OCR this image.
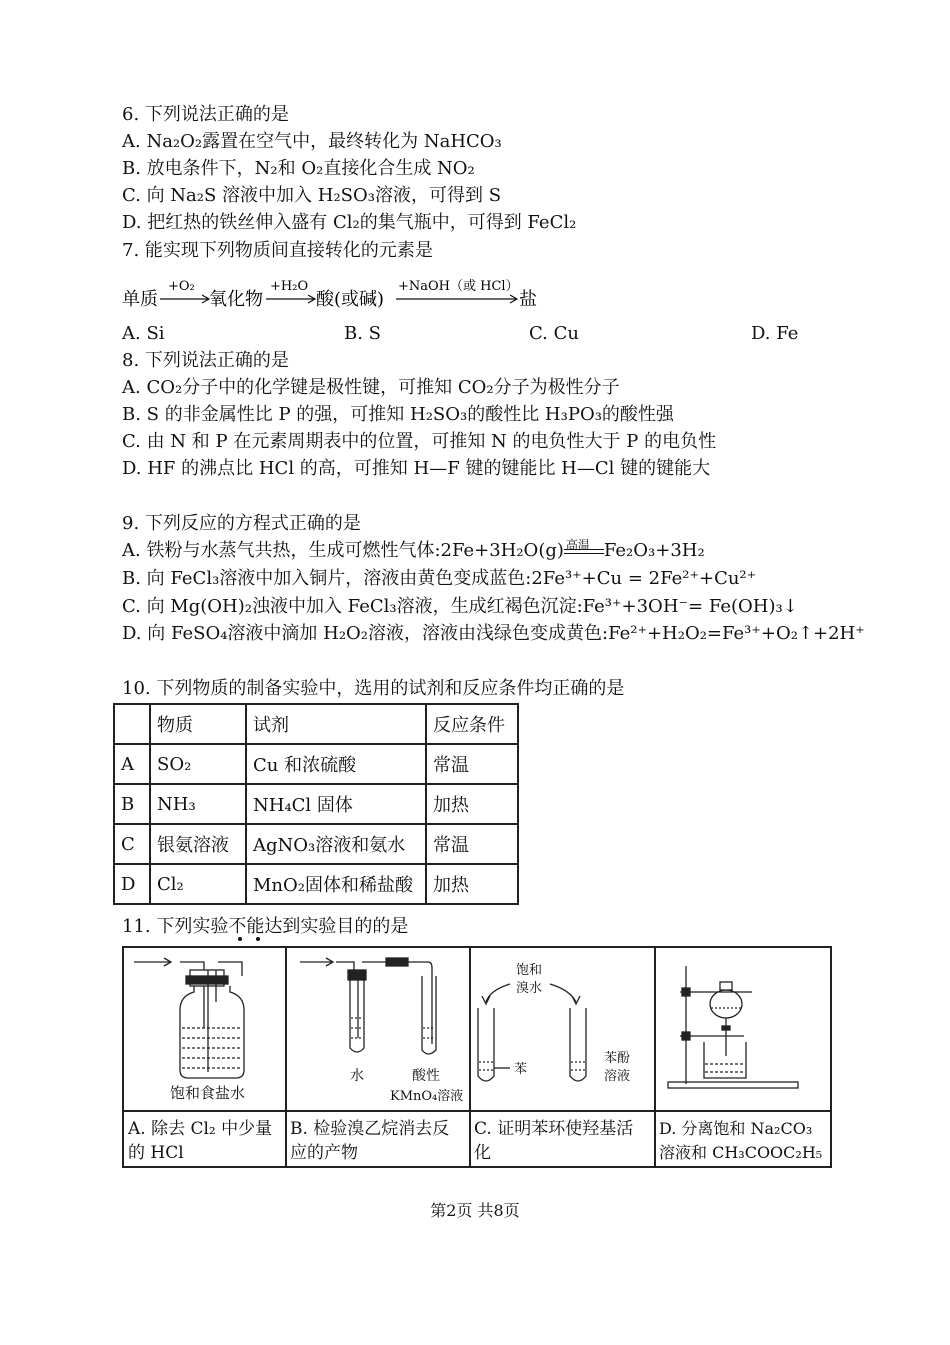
6. 下列说法正确的是
A. Na₂O₂露置在空气中，最终转化为 NaHCO₃
B. 放电条件下，N₂和 O₂直接化合生成 NO₂
C. 向 Na₂S 溶液中加入 H₂SO₃溶液，可得到 S
D. 把红热的铁丝伸入盛有 Cl₂的集气瓶中，可得到 FeCl₂
7. 能实现下列物质间直接转化的元素是
单质
+O₂
氧化物
+H₂O
酸(或碱)
+NaOH（或 HCl）
盐
A. Si	B. S	C. Cu	D. Fe
8. 下列说法正确的是
A. CO₂分子中的化学键是极性键，可推知 CO₂分子为极性分子
B. S 的非金属性比 P 的强，可推知 H₂SO₃的酸性比 H₃PO₃的酸性强
C. 由 N 和 P 在元素周期表中的位置，可推知 N 的电负性大于 P 的电负性
D. HF 的沸点比 HCl 的高，可推知 H—F 键的键能比 H—Cl 键的键能大
9. 下列反应的方程式正确的是
A. 铁粉与水蒸气共热，生成可燃性气体:2Fe+3H₂O(g) 高温 Fe₂O₃+3H₂
B. 向 FeCl₃溶液中加入铜片，溶液由黄色变成蓝色:2Fe³⁺+Cu = 2Fe²⁺+Cu²⁺
C. 向 Mg(OH)₂浊液中加入 FeCl₃溶液，生成红褐色沉淀:Fe³⁺+3OH⁻= Fe(OH)₃↓
D. 向 FeSO₄溶液中滴加 H₂O₂溶液，溶液由浅绿色变成黄色:Fe²⁺+H₂O₂=Fe³⁺+O₂↑+2H⁺
10. 下列物质的制备实验中，选用的试剂和反应条件均正确的是
	物质	试剂	反应条件
A	SO₂	Cu 和浓硫酸	常温
B	NH₃	NH₄Cl 固体	加热
C	银氨溶液	AgNO₃溶液和氨水	常温
D	Cl₂	MnO₂固体和稀盐酸	加热
11. 下列实验不能达到实验目的的是
饱和食盐水
水	酸性
KMnO₄溶液
饱和
溴水
苯
苯酚
溶液
A. 除去 Cl₂ 中少量
的 HCl
B. 检验溴乙烷消去反
应的产物
C. 证明苯环使羟基活
化
D. 分离饱和 Na₂CO₃
溶液和 CH₃COOC₂H₅
第2页 共8页
